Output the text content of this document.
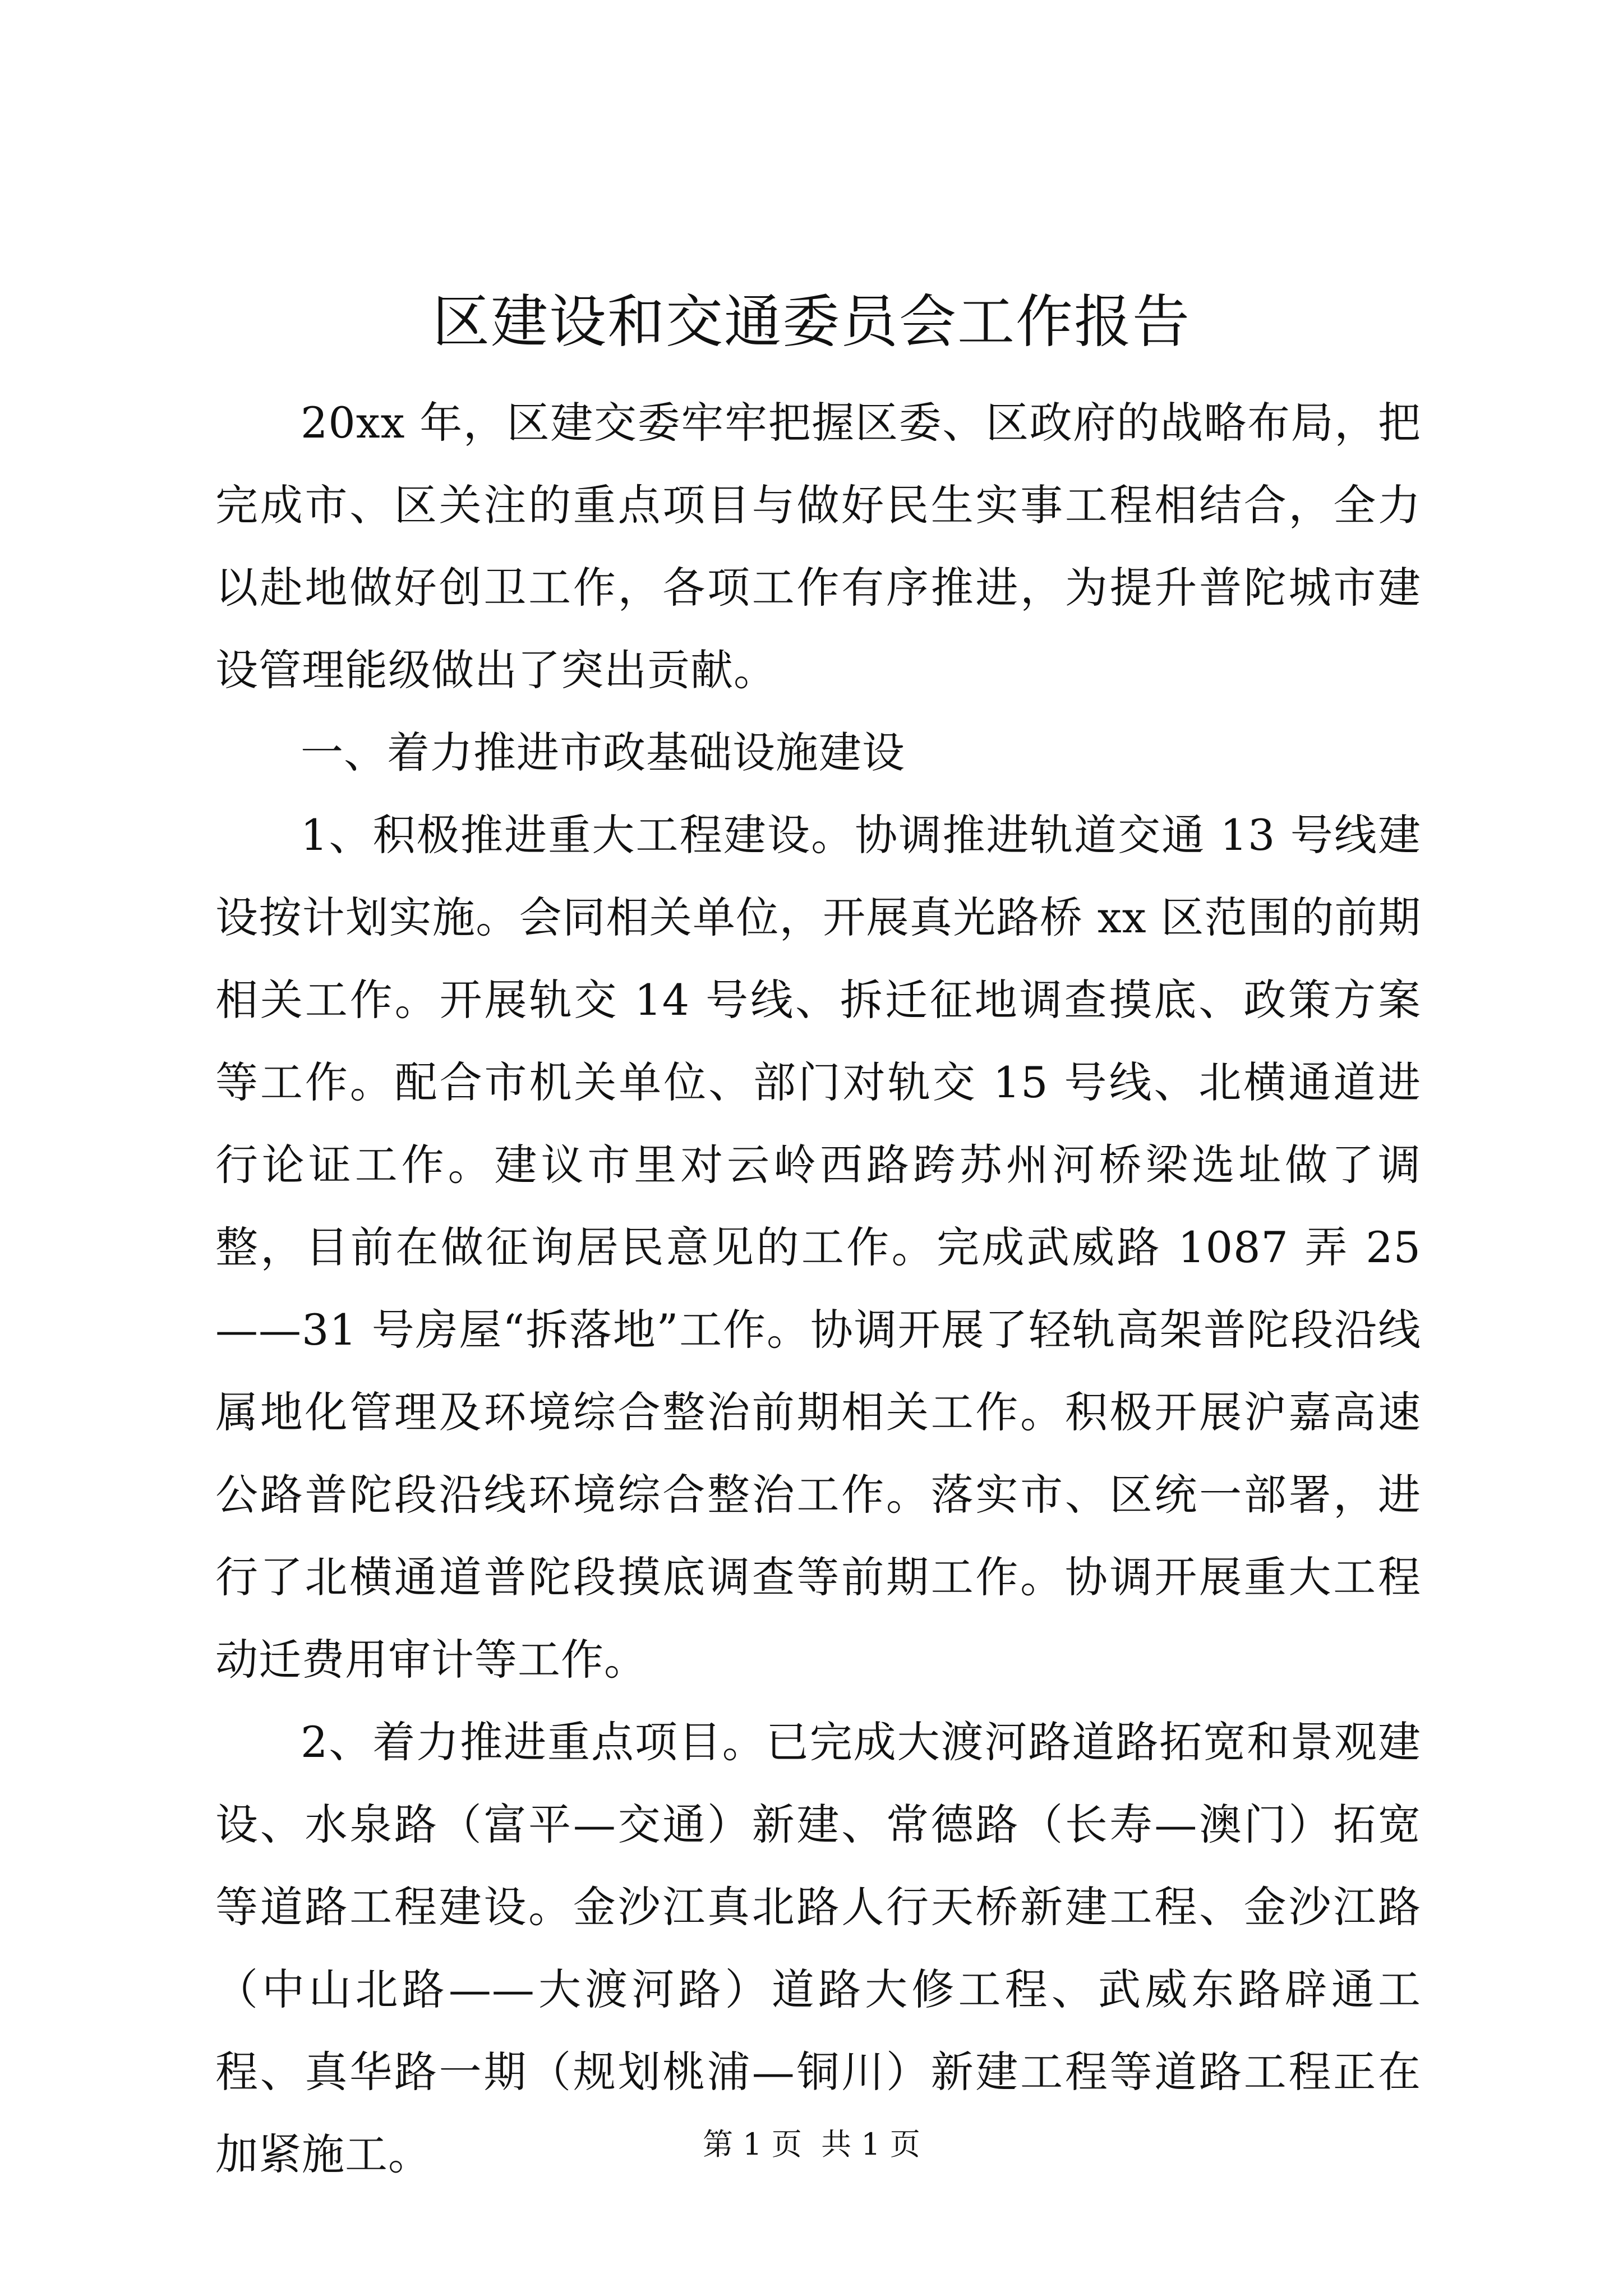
区建设和交通委员会工作报告

20xx 年，区建交委牢牢把握区委、区政府的战略布局，把完成市、区关注的重点项目与做好民生实事工程相结合，全力以赴地做好创卫工作，各项工作有序推进，为提升普陀城市建设管理能级做出了突出贡献。

一、着力推进市政基础设施建设

1、积极推进重大工程建设。协调推进轨道交通 13 号线建设按计划实施。会同相关单位，开展真光路桥 xx 区范围的前期相关工作。开展轨交 14 号线、拆迁征地调查摸底、政策方案等工作。配合市机关单位、部门对轨交 15 号线、北横通道进行论证工作。建议市里对云岭西路跨苏州河桥梁选址做了调整，目前在做征询居民意见的工作。完成武威路 1087 弄 25——31 号房屋“拆落地”工作。协调开展了轻轨高架普陀段沿线属地化管理及环境综合整治前期相关工作。积极开展沪嘉高速公路普陀段沿线环境综合整治工作。落实市、区统一部署，进行了北横通道普陀段摸底调查等前期工作。协调开展重大工程动迁费用审计等工作。

2、着力推进重点项目。已完成大渡河路道路拓宽和景观建设、水泉路（富平—交通）新建、常德路（长寿—澳门）拓宽等道路工程建设。金沙江真北路人行天桥新建工程、金沙江路（中山北路——大渡河路）道路大修工程、武威东路辟通工程、真华路一期（规划桃浦—铜川）新建工程等道路工程正在加紧施工。	第 1 页  共 1 页
